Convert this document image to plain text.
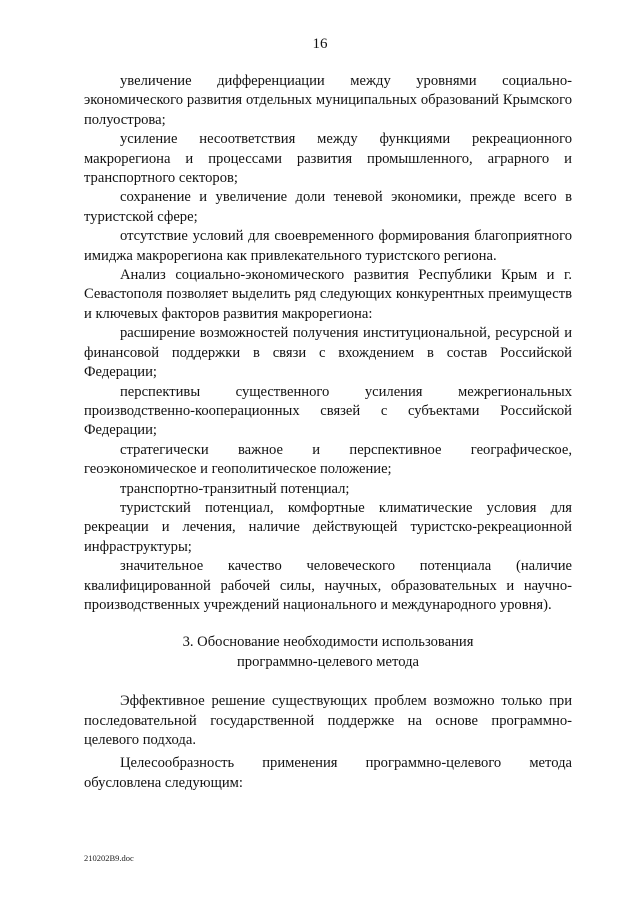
16

увеличение дифференциации между уровнями социально-экономического развития отдельных муниципальных образований Крымского полуострова;

усиление несоответствия между функциями рекреационного макрорегиона и процессами развития промышленного, аграрного и транспортного секторов;

сохранение и увеличение доли теневой экономики, прежде всего в туристской сфере;

отсутствие условий для своевременного формирования благоприятного имиджа макрорегиона как привлекательного туристского региона.

Анализ социально-экономического развития Республики Крым и г. Севастополя позволяет выделить ряд следующих конкурентных преимуществ и ключевых факторов развития макрорегиона:

расширение возможностей получения институциональной, ресурсной и финансовой поддержки в связи с вхождением в состав Российской Федерации;

перспективы существенного усиления межрегиональных производственно-кооперационных связей с субъектами Российской Федерации;

стратегически важное и перспективное географическое, геоэкономическое и геополитическое положение;

транспортно-транзитный потенциал;

туристский потенциал, комфортные климатические условия для рекреации и лечения, наличие действующей туристско-рекреационной инфраструктуры;

значительное качество человеческого потенциала (наличие квалифицированной рабочей силы, научных, образовательных и научно-производственных учреждений национального и международного уровня).

3. Обоснование необходимости использования
программно-целевого метода

Эффективное решение существующих проблем возможно только при последовательной государственной поддержке на основе программно-целевого подхода.

Целесообразность применения программно-целевого метода обусловлена следующим:

210202В9.doc
